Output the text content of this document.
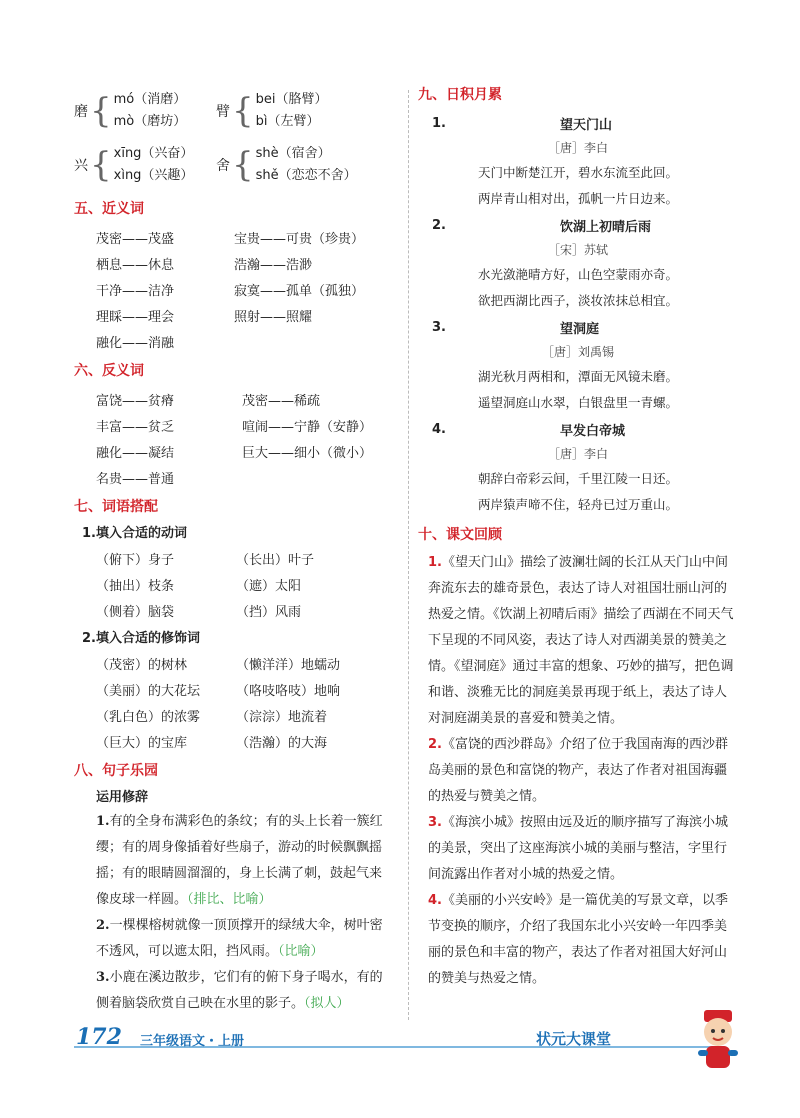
磨 { mó（消磨）
mò（磨坊）
臂 { bei（胳臂）
bì（左臂）
兴 { xīng（兴奋）
xìng（兴趣）
舍 { shè（宿舍）
shě（恋恋不舍）
五、近义词
茂密——茂盛	宝贵——可贵（珍贵）
栖息——休息	浩瀚——浩渺
干净——洁净	寂寞——孤单（孤独）
理睬——理会	照射——照耀
融化——消融
六、反义词
富饶——贫瘠	茂密——稀疏
丰富——贫乏	喧闹——宁静（安静）
融化——凝结	巨大——细小（微小）
名贵——普通
七、词语搭配
1.填入合适的动词
（俯下）身子	（长出）叶子
（抽出）枝条	（遮）太阳
（侧着）脑袋	（挡）风雨
2.填入合适的修饰词
（茂密）的树林	（懒洋洋）地蠕动
（美丽）的大花坛	（咯吱咯吱）地响
（乳白色）的浓雾	（淙淙）地流着
（巨大）的宝库	（浩瀚）的大海
八、句子乐园
运用修辞
1.有的全身布满彩色的条纹；有的头上长着一簇红缨；有的周身像插着好些扇子，游动的时候飘飘摇摇；有的眼睛圆溜溜的，身上长满了刺，鼓起气来像皮球一样圆。（排比、比喻）
2.一棵棵榕树就像一顶顶撑开的绿绒大伞，树叶密不透风，可以遮太阳，挡风雨。（比喻）
3.小鹿在溪边散步，它们有的俯下身子喝水，有的侧着脑袋欣赏自己映在水里的影子。（拟人）
九、日积月累
1.	望天门山
［唐］李白
天门中断楚江开，碧水东流至此回。
两岸青山相对出，孤帆一片日边来。
2.	饮湖上初晴后雨
［宋］苏轼
水光潋滟晴方好，山色空蒙雨亦奇。
欲把西湖比西子，淡妆浓抹总相宜。
3.	望洞庭
［唐］刘禹锡
湖光秋月两相和，潭面无风镜未磨。
遥望洞庭山水翠，白银盘里一青螺。
4.	早发白帝城
［唐］李白
朝辞白帝彩云间，千里江陵一日还。
两岸猿声啼不住，轻舟已过万重山。
十、课文回顾

1.《望天门山》描绘了波澜壮阔的长江从天门山中间奔流东去的雄奇景色，表达了诗人对祖国壮丽山河的热爱之情。《饮湖上初晴后雨》描绘了西湖在不同天气下呈现的不同风姿，表达了诗人对西湖美景的赞美之情。《望洞庭》通过丰富的想象、巧妙的描写，把色调和谐、淡雅无比的洞庭美景再现于纸上，表达了诗人对洞庭湖美景的喜爱和赞美之情。

2.《富饶的西沙群岛》介绍了位于我国南海的西沙群岛美丽的景色和富饶的物产，表达了作者对祖国海疆的热爱与赞美之情。

3.《海滨小城》按照由远及近的顺序描写了海滨小城的美景，突出了这座海滨小城的美丽与整洁，字里行间流露出作者对小城的热爱之情。

4.《美丽的小兴安岭》是一篇优美的写景文章，以季节变换的顺序，介绍了我国东北小兴安岭一年四季美丽的景色和丰富的物产，表达了作者对祖国大好河山的赞美与热爱之情。

172 三年级语文・上册	状元大课堂
